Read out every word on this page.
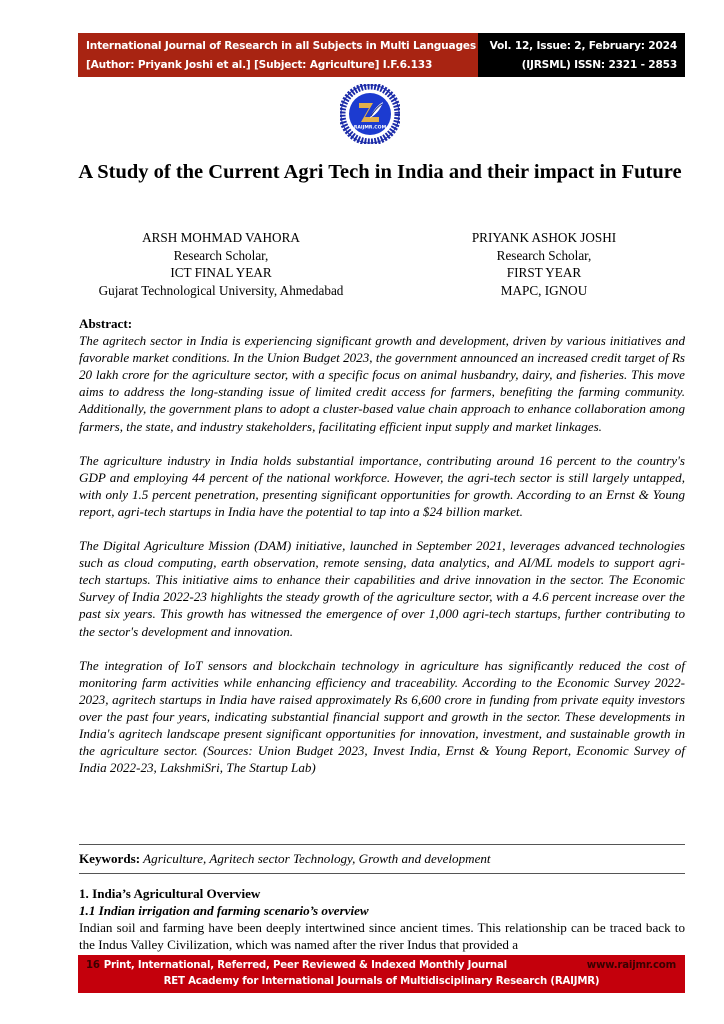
International Journal of Research in all Subjects in Multi Languages
[Author: Priyank Joshi et al.] [Subject: Agriculture] I.F.6.133
Vol. 12, Issue: 2, February: 2024
(IJRSML) ISSN: 2321 - 2853
RAIJMR.COM
A Study of the Current Agri Tech in India and their impact in Future
ARSH MOHMAD VAHORA
Research Scholar,
ICT FINAL YEAR
Gujarat Technological University, Ahmedabad
PRIYANK ASHOK JOSHI
Research Scholar,
FIRST YEAR
MAPC, IGNOU
Abstract:

The agritech sector in India is experiencing significant growth and development, driven by various initiatives and favorable market conditions. In the Union Budget 2023, the government announced an increased credit target of Rs 20 lakh crore for the agriculture sector, with a specific focus on animal husbandry, dairy, and fisheries. This move aims to address the long-standing issue of limited credit access for farmers, benefiting the farming community. Additionally, the government plans to adopt a cluster-based value chain approach to enhance collaboration among farmers, the state, and industry stakeholders, facilitating efficient input supply and market linkages.

The agriculture industry in India holds substantial importance, contributing around 16 percent to the country's GDP and employing 44 percent of the national workforce. However, the agri-tech sector is still largely untapped, with only 1.5 percent penetration, presenting significant opportunities for growth. According to an Ernst & Young report, agri-tech startups in India have the potential to tap into a $24 billion market.

The Digital Agriculture Mission (DAM) initiative, launched in September 2021, leverages advanced technologies such as cloud computing, earth observation, remote sensing, data analytics, and AI/ML models to support agri-tech startups. This initiative aims to enhance their capabilities and drive innovation in the sector. The Economic Survey of India 2022-23 highlights the steady growth of the agriculture sector, with a 4.6 percent increase over the past six years. This growth has witnessed the emergence of over 1,000 agri-tech startups, further contributing to the sector's development and innovation.

The integration of IoT sensors and blockchain technology in agriculture has significantly reduced the cost of monitoring farm activities while enhancing efficiency and traceability. According to the Economic Survey 2022-2023, agritech startups in India have raised approximately Rs 6,600 crore in funding from private equity investors over the past four years, indicating substantial financial support and growth in the sector. These developments in India's agritech landscape present significant opportunities for innovation, investment, and sustainable growth in the agriculture sector. (Sources: Union Budget 2023, Invest India, Ernst & Young Report, Economic Survey of India 2022-23, LakshmiSri, The Startup Lab)

Keywords: Agriculture, Agritech sector Technology, Growth and development
1. India’s Agricultural Overview
1.1 Indian irrigation and farming scenario’s overview
Indian soil and farming have been deeply intertwined since ancient times. This relationship can be traced back to the Indus Valley Civilization, which was named after the river Indus that provided a
16 Print, International, Referred, Peer Reviewed & Indexed Monthly Journal	www.raijmr.com
RET Academy for International Journals of Multidisciplinary Research (RAIJMR)
